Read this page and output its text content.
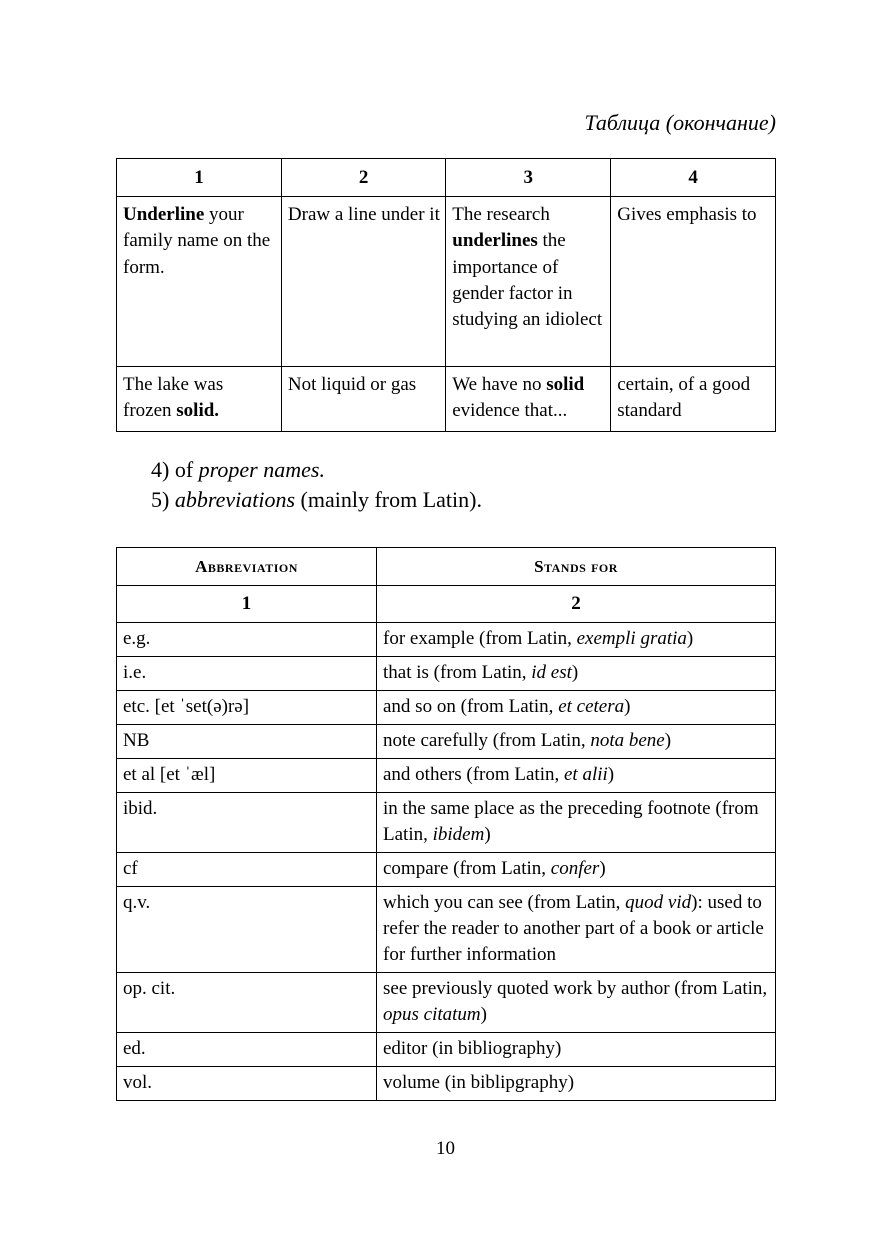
Таблица (окончание)
1	2	3	4
Underline your family name on the form.	Draw a line under it	The research underlines the importance of gender factor in studying an idiolect	Gives emphasis to
The lake was frozen solid.	Not liquid or gas	We have no solid evidence that...	certain, of a good standard
4) of proper names.
5) abbreviations (mainly from Latin).
Abbreviation	Stands for
1	2
e.g.	for example (from Latin, exempli gratia)
i.e.	that is (from Latin, id est)
etc. [et ˈset(ə)rə]	and so on (from Latin, et cetera)
NB	note carefully (from Latin, nota bene)
et al [et ˈæl]	and others (from Latin, et alii)
ibid.	in the same place as the preceding footnote (from Latin, ibidem)
cf	compare (from Latin, confer)
q.v.	which you can see (from Latin, quod vid): used to refer the reader to another part of a book or article for further information
op. cit.	see previously quoted work by author (from Latin, opus citatum)
ed.	editor (in bibliography)
vol.	volume (in biblipgraphy)
10
